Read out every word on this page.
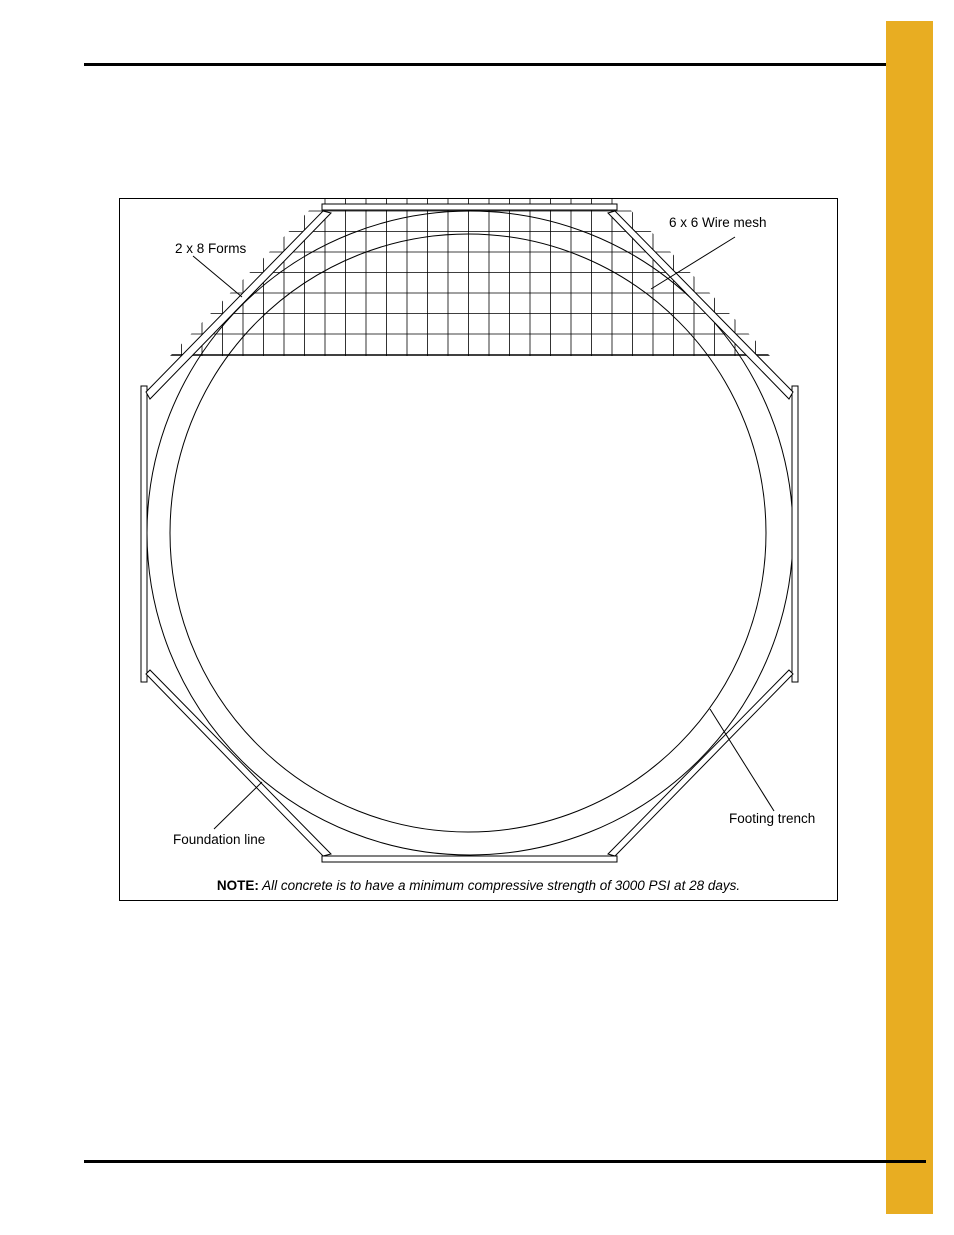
2 x 8 Forms
6 x 6 Wire mesh
Foundation line
Footing trench
NOTE: All concrete is to have a minimum compressive strength of 3000 PSI at 28 days.
